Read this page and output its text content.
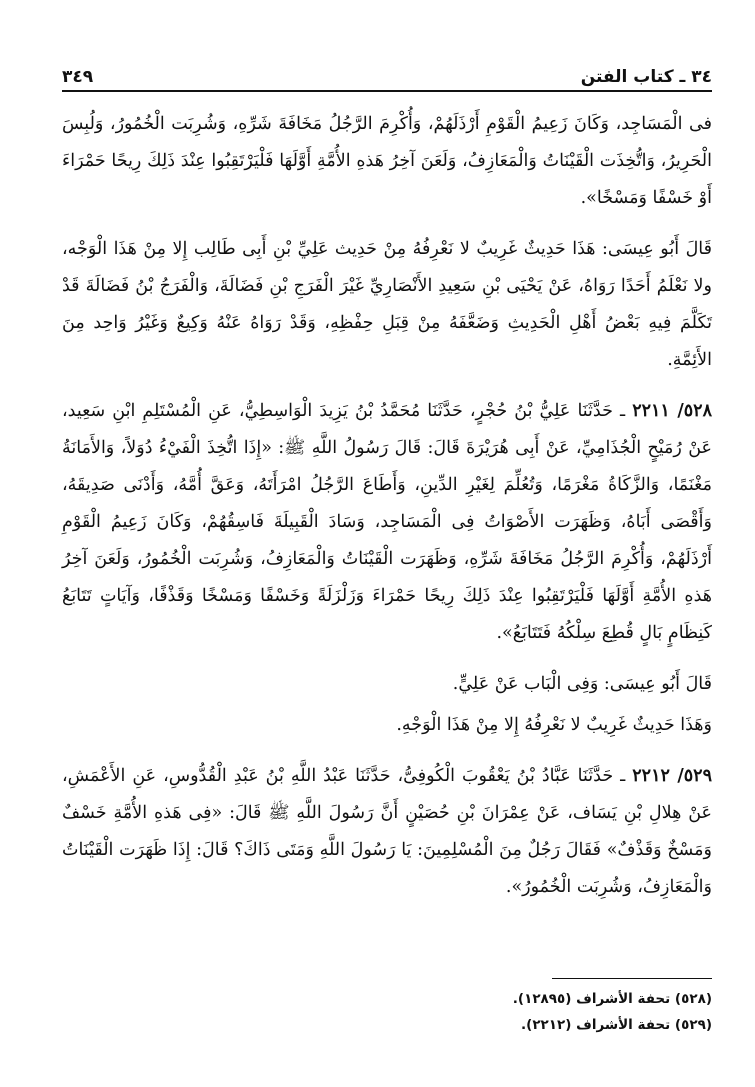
٣٤ ـ كتاب الفتن
٣٤٩

فى الْمَسَاجِد، وَكَانَ زَعِيمُ الْقَوْمِ أَرْذَلَهُمْ، وَأُكْرِمَ الرَّجُلُ مَخَافَةَ شَرِّهِ، وَشُرِبَت الْخُمُورُ، وَلُبِسَ الْحَرِيرُ، وَاتُّخِذَت الْقَيْنَاتُ وَالْمَعَازِفُ، وَلَعَنَ آخِرُ هَذهِ الأُمَّةِ أَوَّلَهَا فَلْيَرْتَقِبُوا عِنْدَ ذَلِكَ رِيحًا حَمْرَاءَ أَوْ خَسْفًا وَمَسْخًا».

قَالَ أَبُو عِيسَى: هَذَا حَدِيثٌ غَرِيبٌ لا نَعْرِفُهُ مِنْ حَدِيث عَلِيِّ بْنِ أَبِى طَالِب إِلا مِنْ هَذَا الْوَجْه، ولا نَعْلَمُ أَحَدًا رَوَاهُ، عَنْ يَحْيَى بْنِ سَعِيدِ الأَنْصَارِيِّ غَيْرَ الْفَرَجِ بْنِ فَضَالَةَ، وَالْفَرَجُ بْنُ فَضَالَةَ قَدْ تَكَلَّمَ فِيهِ بَعْضُ أَهْلِ الْحَدِيثِ وَضَعَّفَهُ مِنْ قِبَلِ حِفْظِهِ، وَقَدْ رَوَاهُ عَنْهُ وَكِيعٌ وَغَيْرُ وَاحِد مِنَ الأَئِمَّةِ.

٥٢٨/ ٢٢١١ ـ حَدَّثَنَا عَلِيُّ بْنُ حُجْرٍ، حَدَّثَنَا مُحَمَّدُ بْنُ يَزِيدَ الْوَاسِطِيُّ، عَنِ الْمُسْتَلِمِ ابْنِ سَعِيد، عَنْ رُمَيْحٍ الْجُذَامِيِّ، عَنْ أَبِى هُرَيْرَةَ قَالَ: قَالَ رَسُولُ اللَّهِ ﷺ: «إِذَا اتُّخِذَ الْفَيْءُ دُوَلاً، وَالأَمَانَةُ مَغْنَمًا، وَالزَّكَاةُ مَغْرَمًا، وَتُعُلِّمَ لِغَيْرِ الدِّينِ، وَأَطَاعَ الرَّجُلُ امْرَأَتَهُ، وَعَقَّ أُمَّهُ، وَأَدْنَى صَدِيقَهُ، وَأَقْصَى أَبَاهُ، وَظَهَرَت الأَصْوَاتُ فِى الْمَسَاجِد، وَسَادَ الْقَبِيلَةَ فَاسِقُهُمْ، وَكَانَ زَعِيمُ الْقَوْمِ أَرْذَلَهُمْ، وَأُكْرِمَ الرَّجُلُ مَخَافَةَ شَرِّهِ، وَظَهَرَت الْقَيْنَاتُ وَالْمَعَازِفُ، وَشُرِبَت الْخُمُورُ، وَلَعَنَ آخِرُ هَذهِ الأُمَّةِ أَوَّلَهَا فَلْيَرْتَقِبُوا عِنْدَ ذَلِكَ رِيحًا حَمْرَاءَ وَزَلْزَلَةً وَخَسْفًا وَمَسْخًا وَقَذْفًا، وَآيَاتٍ تَتَابَعُ كَنِظَامٍ بَالٍ قُطِعَ سِلْكُهُ فَتَتَابَعُ».

قَالَ أَبُو عِيسَى: وَفِى الْبَاب عَنْ عَلِيٍّ.

وَهَذَا حَدِيثٌ غَرِيبٌ لا نَعْرِفُهُ إِلا مِنْ هَذَا الْوَجْهِ.

٥٢٩/ ٢٢١٢ ـ حَدَّثَنَا عَبَّادُ بْنُ يَعْقُوبَ الْكُوفِىُّ، حَدَّثَنَا عَبْدُ اللَّهِ بْنُ عَبْدِ الْقُدُّوسِ، عَنِ الأَعْمَشِ، عَنْ هِلالِ بْنِ يَسَاف، عَنْ عِمْرَانَ بْنِ حُصَيْنٍ أَنَّ رَسُولَ اللَّهِ ﷺ قَالَ: «فِى هَذهِ الأُمَّةِ خَسْفٌ وَمَسْخٌ وَقَذْفٌ» فَقَالَ رَجُلٌ مِنَ الْمُسْلِمِينَ: يَا رَسُولَ اللَّهِ وَمَتَى ذَاكَ؟ قَالَ: إِذَا ظَهَرَت الْقَيْنَاتُ وَالْمَعَازِفُ، وَشُرِبَت الْخُمُورُ».

(٥٢٨) تحفة الأشراف (١٢٨٩٥).
(٥٢٩) تحفة الأشراف (٢٢١٢).
